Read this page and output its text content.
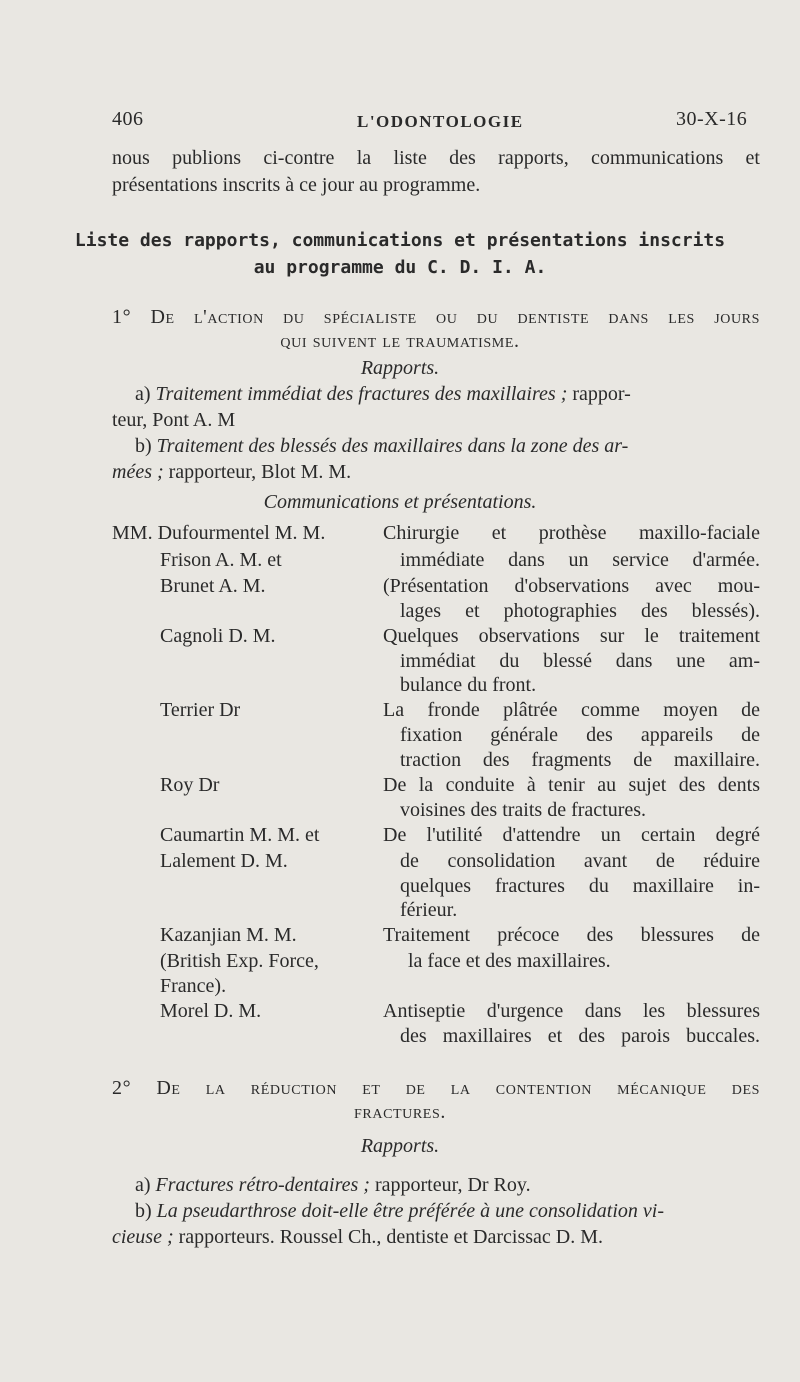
406	L'ODONTOLOGIE	30-X-16
nous publions ci-contre la liste des rapports, communications et
présentations inscrits à ce jour au programme.
Liste des rapports, communications et présentations inscrits
au programme du C. D. I. A.
1° De l'action du spécialiste ou du dentiste dans les jours
qui suivent le traumatisme.
Rapports.
a) Traitement immédiat des fractures des maxillaires ; rappor-
teur, Pont A. M
b) Traitement des blessés des maxillaires dans la zone des ar-
mées ; rapporteur, Blot M. M.
Communications et présentations.
MM. Dufourmentel M. M.
Frison A. M. et
Brunet A. M.
Cagnoli D. M.
Terrier Dr
Roy Dr
Caumartin M. M. et
Lalement D. M.
Kazanjian M. M.
(British Exp. Force,
France).
Morel D. M.
Chirurgie et prothèse maxillo-faciale
immédiate dans un service d'armée.
(Présentation d'observations avec mou-
lages et photographies des blessés).
Quelques observations sur le traitement
immédiat du blessé dans une am-
bulance du front.
La fronde plâtrée comme moyen de
fixation générale des appareils de
traction des fragments de maxillaire.
De la conduite à tenir au sujet des dents
voisines des traits de fractures.
De l'utilité d'attendre un certain degré
de consolidation avant de réduire
quelques fractures du maxillaire in-
férieur.
Traitement précoce des blessures de
la face et des maxillaires.
Antiseptie d'urgence dans les blessures
des maxillaires et des parois buccales.
2° De la réduction et de la contention mécanique des
fractures.
Rapports.
a) Fractures rétro-dentaires ; rapporteur, Dr Roy.
b) La pseudarthrose doit-elle être préférée à une consolidation vi-
cieuse ; rapporteurs. Roussel Ch., dentiste et Darcissac D. M.
